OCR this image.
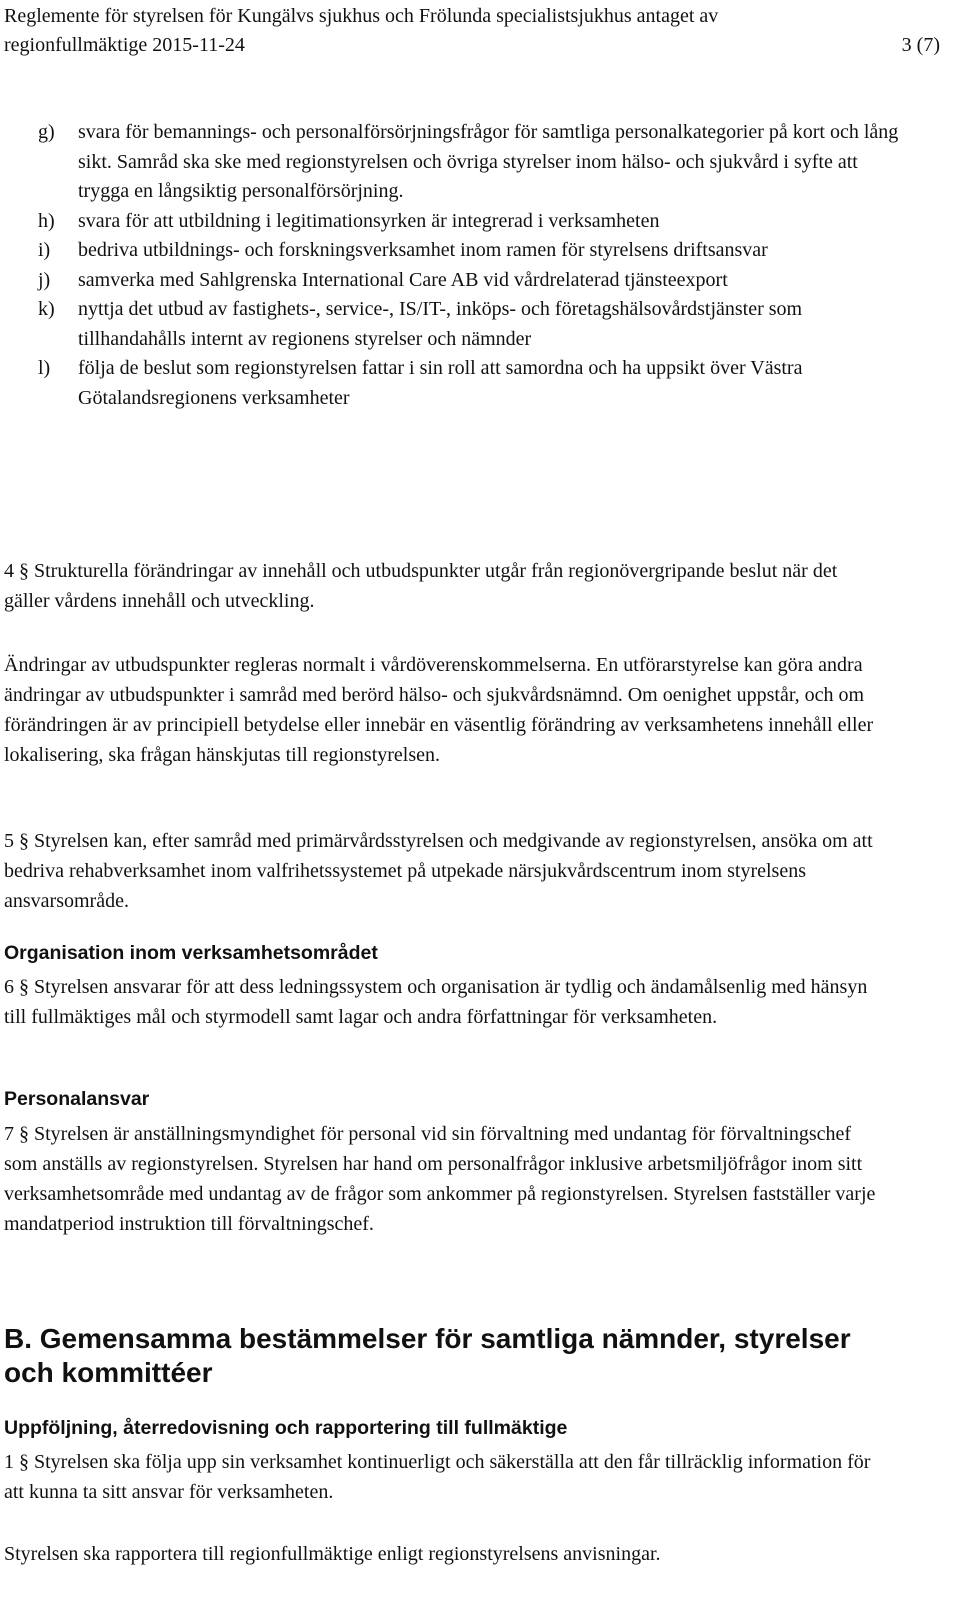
Reglemente för styrelsen för Kungälvs sjukhus och Frölunda specialistsjukhus antaget av
regionfullmäktige 2015-11-24	3 (7)
g) svara för bemannings- och personalförsörjningsfrågor för samtliga personalkategorier på kort och lång sikt. Samråd ska ske med regionstyrelsen och övriga styrelser inom hälso- och sjukvård i syfte att trygga en långsiktig personalförsörjning.
h) svara för att utbildning i legitimationsyrken är integrerad i verksamheten
i) bedriva utbildnings- och forskningsverksamhet inom ramen för styrelsens driftsansvar
j) samverka med Sahlgrenska International Care AB vid vårdrelaterad tjänsteexport
k) nyttja det utbud av fastighets-, service-, IS/IT-, inköps- och företagshälsovårdstjänster som tillhandahålls internt av regionens styrelser och nämnder
l) följa de beslut som regionstyrelsen fattar i sin roll att samordna och ha uppsikt över Västra Götalandsregionens verksamheter

4 § Strukturella förändringar av innehåll och utbudspunkter utgår från regionövergripande beslut när det gäller vårdens innehåll och utveckling.

Ändringar av utbudspunkter regleras normalt i vårdöverenskommelserna. En utförarstyrelse kan göra andra ändringar av utbudspunkter i samråd med berörd hälso- och sjukvårdsnämnd. Om oenighet uppstår, och om förändringen är av principiell betydelse eller innebär en väsentlig förändring av verksamhetens innehåll eller lokalisering, ska frågan hänskjutas till regionstyrelsen.

5 § Styrelsen kan, efter samråd med primärvårdsstyrelsen och medgivande av regionstyrelsen, ansöka om att bedriva rehabverksamhet inom valfrihetssystemet på utpekade närsjukvårdscentrum inom styrelsens ansvarsområde.

Organisation inom verksamhetsområdet

6 § Styrelsen ansvarar för att dess ledningssystem och organisation är tydlig och ändamålsenlig med hänsyn till fullmäktiges mål och styrmodell samt lagar och andra författningar för verksamheten.

Personalansvar

7 § Styrelsen är anställningsmyndighet för personal vid sin förvaltning med undantag för förvaltningschef som anställs av regionstyrelsen. Styrelsen har hand om personalfrågor inklusive arbetsmiljöfrågor inom sitt verksamhetsområde med undantag av de frågor som ankommer på regionstyrelsen. Styrelsen fastställer varje mandatperiod instruktion till förvaltningschef.

B. Gemensamma bestämmelser för samtliga nämnder, styrelser och kommittéer
Uppföljning, återredovisning och rapportering till fullmäktige

1 § Styrelsen ska följa upp sin verksamhet kontinuerligt och säkerställa att den får tillräcklig information för att kunna ta sitt ansvar för verksamheten.

Styrelsen ska rapportera till regionfullmäktige enligt regionstyrelsens anvisningar.
